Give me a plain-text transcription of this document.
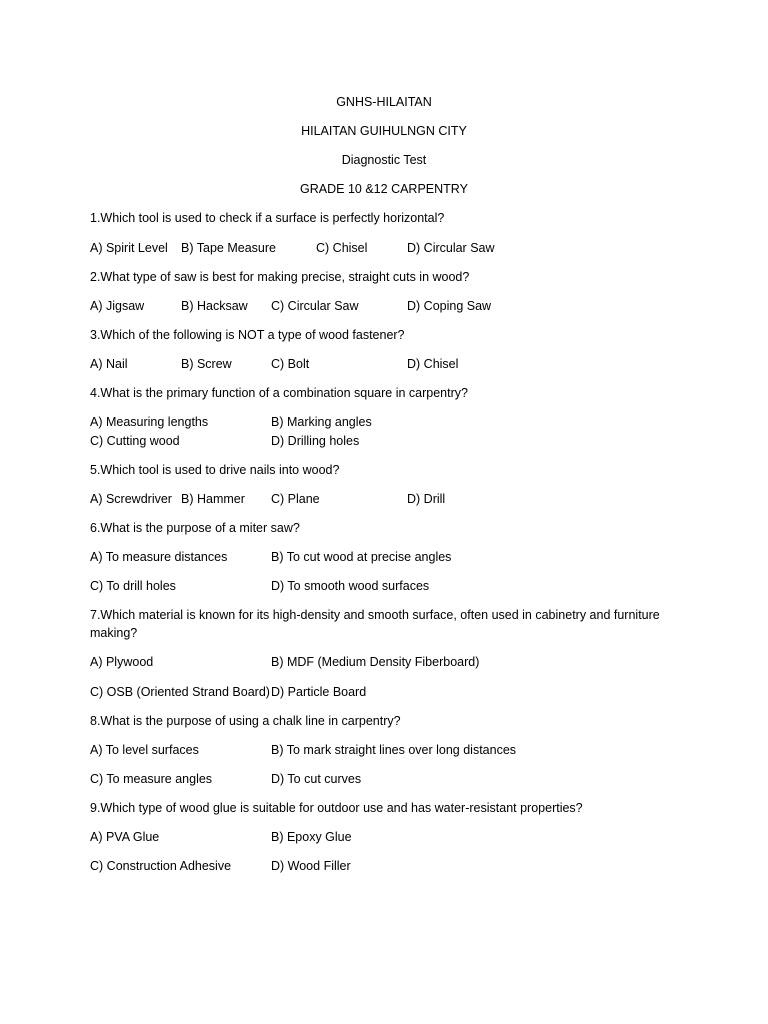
GNHS-HILAITAN
HILAITAN GUIHULNGN CITY
Diagnostic Test
GRADE 10 &12 CARPENTRY
1.Which tool is used to check if a surface is perfectly horizontal?
A) Spirit Level B) Tape Measure	C) Chisel	D) Circular Saw
2.What type of saw is best for making precise, straight cuts in wood?
A) Jigsaw	B) Hacksaw C) Circular Saw	D) Coping Saw
3.Which of the following is NOT a type of wood fastener?
A) Nail	B) Screw	C) Bolt	D) Chisel
4.What is the primary function of a combination square in carpentry?
A) Measuring lengths	B) Marking angles
C) Cutting wood	D) Drilling holes
5.Which tool is used to drive nails into wood?
A) Screwdriver B) Hammer C) Plane	D) Drill
6.What is the purpose of a miter saw?
A) To measure distances	B) To cut wood at precise angles
C) To drill holes	D) To smooth wood surfaces
7.Which material is known for its high-density and smooth surface, often used in cabinetry and furniture making?
A) Plywood	B) MDF (Medium Density Fiberboard)
C) OSB (Oriented Strand Board) D) Particle Board
8.What is the purpose of using a chalk line in carpentry?
A) To level surfaces	B) To mark straight lines over long distances
C) To measure angles	D) To cut curves
9.Which type of wood glue is suitable for outdoor use and has water-resistant properties?
A) PVA Glue	B) Epoxy Glue
C) Construction Adhesive	D) Wood Filler
